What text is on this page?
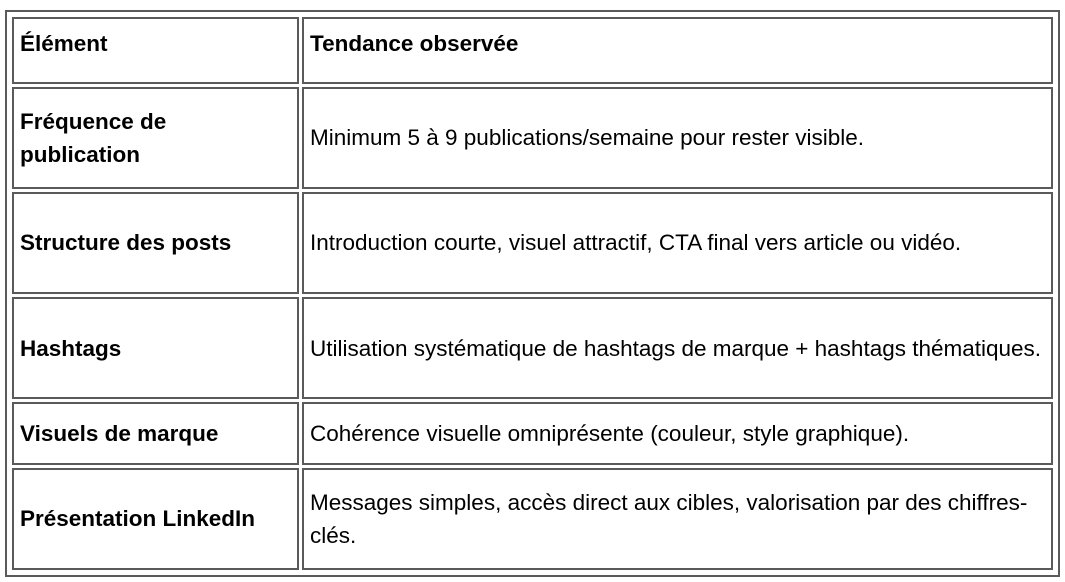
Élément	Tendance observée
Fréquence de publication	Minimum 5 à 9 publications/semaine pour rester visible.
Structure des posts	Introduction courte, visuel attractif, CTA final vers article ou vidéo.
Hashtags	Utilisation systématique de hashtags de marque + hashtags thématiques.
Visuels de marque	Cohérence visuelle omniprésente (couleur, style graphique).
Présentation LinkedIn	Messages simples, accès direct aux cibles, valorisation par des chiffres-clés.
